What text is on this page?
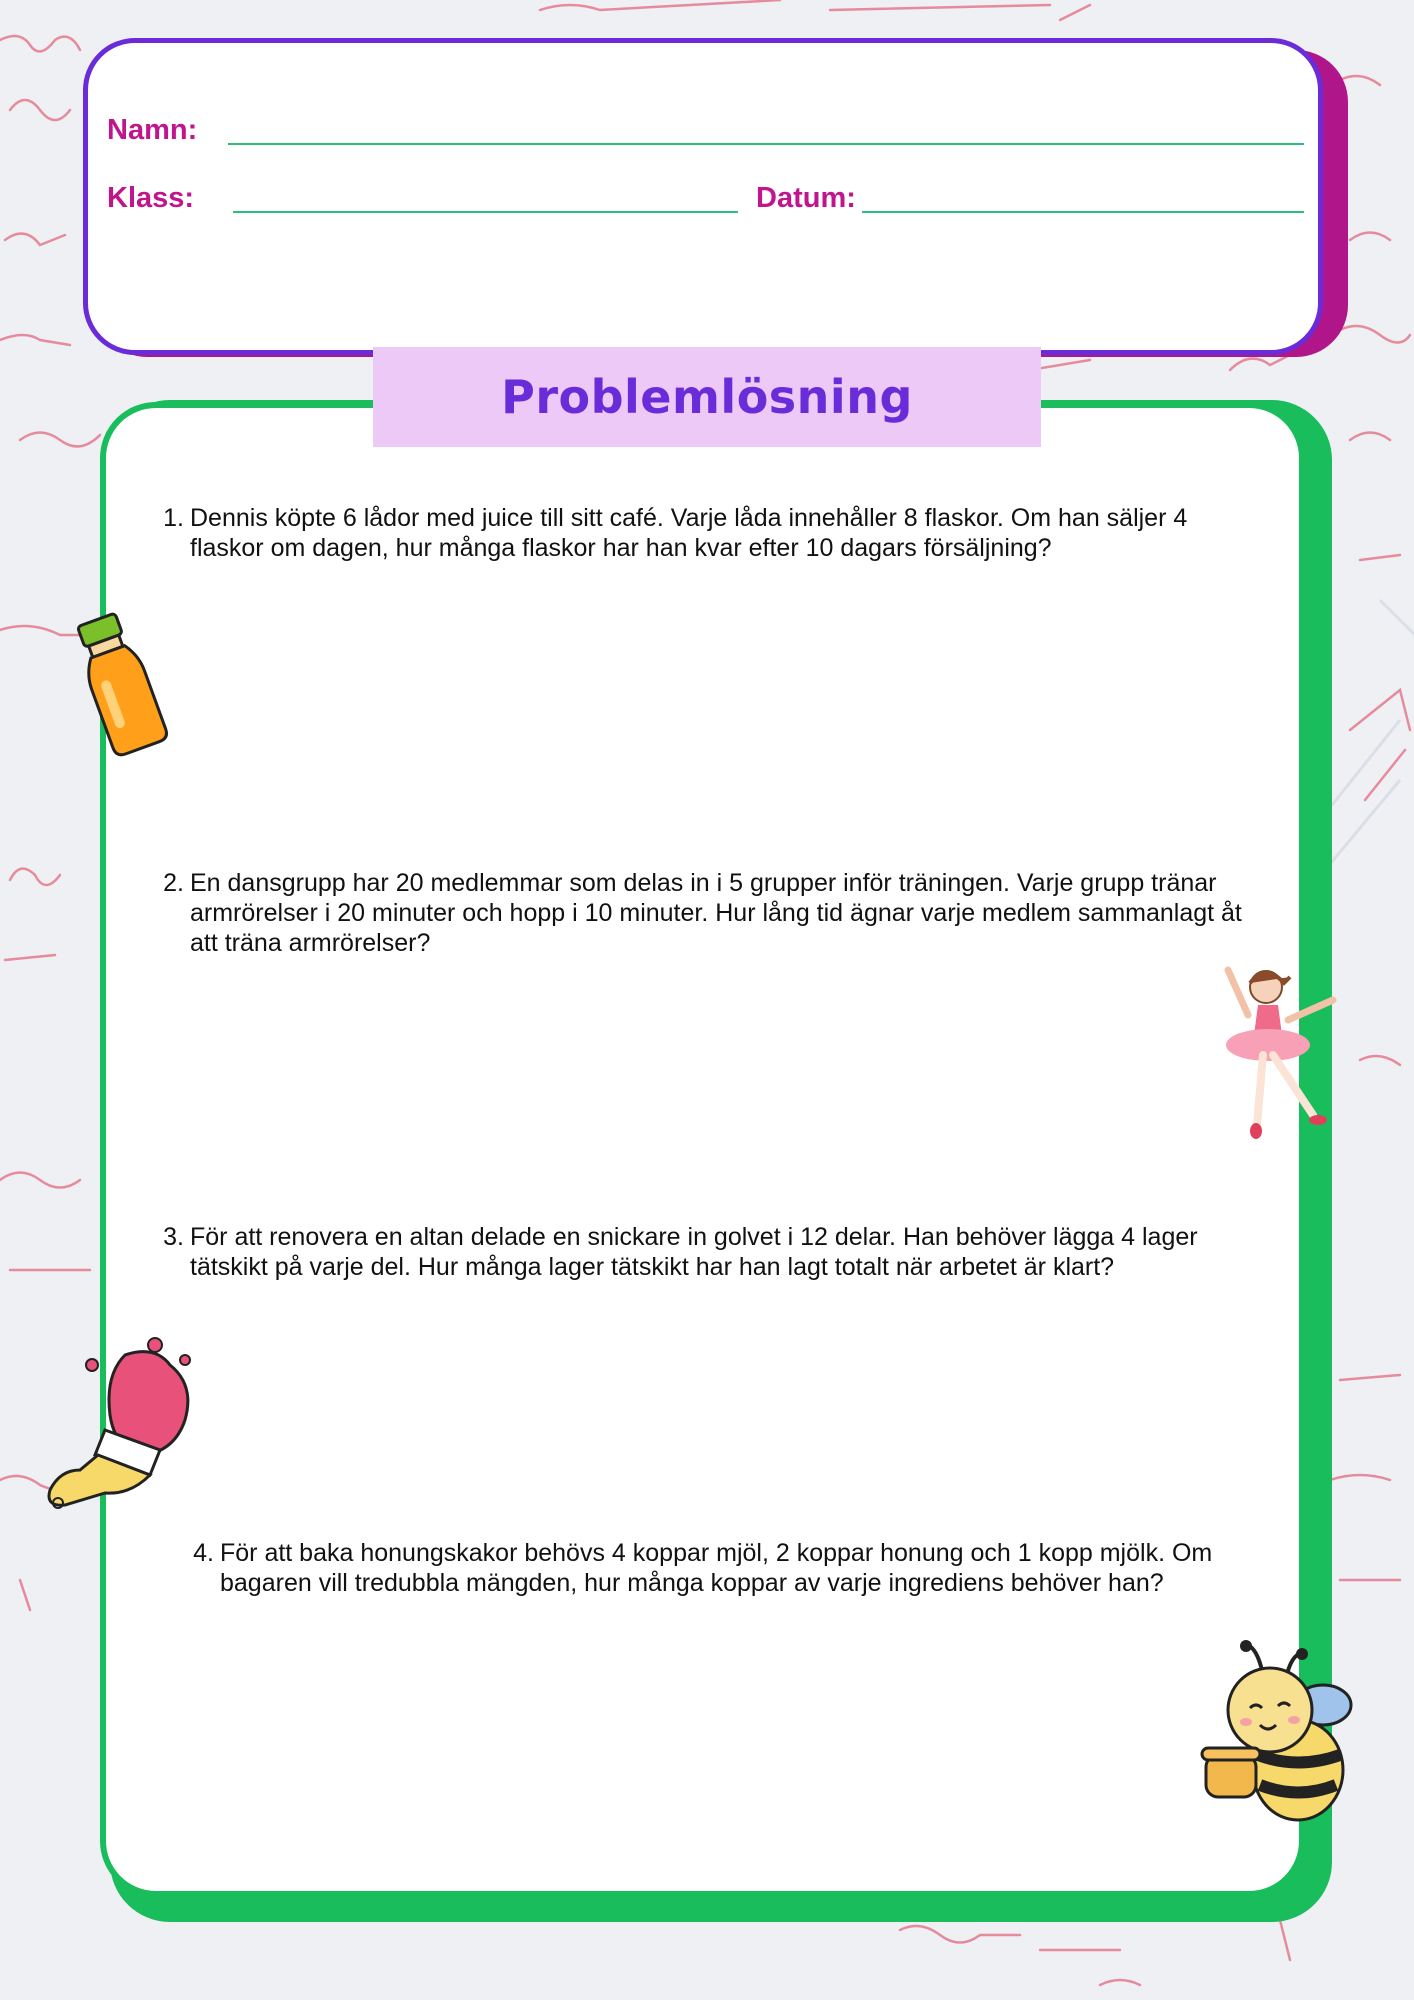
Namn:
Klass:	Datum:
Problemlösning
1. Dennis köpte 6 lådor med juice till sitt café. Varje låda innehåller 8 flaskor. Om han säljer 4 flaskor om dagen, hur många flaskor har han kvar efter 10 dagars försäljning?
2. En dansgrupp har 20 medlemmar som delas in i 5 grupper inför träningen. Varje grupp tränar armrörelser i 20 minuter och hopp i 10 minuter. Hur lång tid ägnar varje medlem sammanlagt åt att träna armrörelser?
3. För att renovera en altan delade en snickare in golvet i 12 delar. Han behöver lägga 4 lager tätskikt på varje del. Hur många lager tätskikt har han lagt totalt när arbetet är klart?
4. För att baka honungskakor behövs 4 koppar mjöl, 2 koppar honung och 1 kopp mjölk. Om bagaren vill tredubbla mängden, hur många koppar av varje ingrediens behöver han?
